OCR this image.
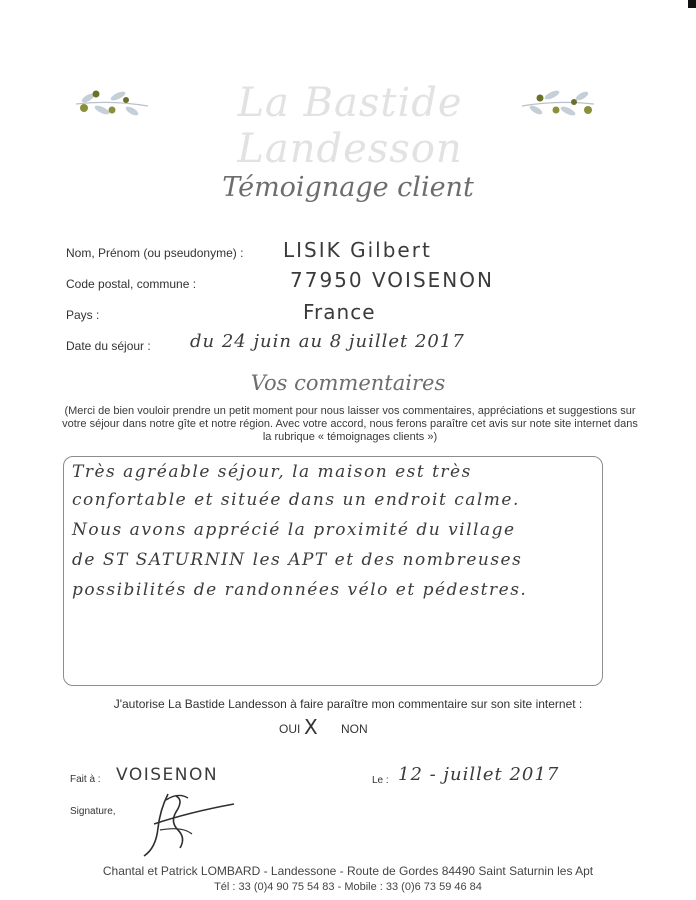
La Bastide Landesson
Témoignage client
Nom, Prénom (ou pseudonyme) : LISIK Gilbert
Code postal, commune :	77950 VOISENON
Pays :	France
Date du séjour : du 24 juin au 8 juillet 2017
Vos commentaires
(Merci de bien vouloir prendre un petit moment pour nous laisser vos commentaires, appréciations et suggestions sur votre séjour dans notre gîte et notre région. Avec votre accord, nous ferons paraître cet avis sur note site internet dans la rubrique « témoignages clients »)
Très agréable séjour, la maison est très
confortable et située dans un endroit calme.
Nous avons apprécié la proximité du village
de ST SATURNIN les APT et des nombreuses
possibilités de randonnées vélo et pédestres.
J'autorise La Bastide Landesson à faire paraître mon commentaire sur son site internet :
OUI X NON
Fait à : VOISENON	Le : 12 - juillet 2017
Signature,
Chantal et Patrick LOMBARD - Landessone - Route de Gordes 84490 Saint Saturnin les Apt
Tél : 33 (0)4 90 75 54 83 - Mobile : 33 (0)6 73 59 46 84
